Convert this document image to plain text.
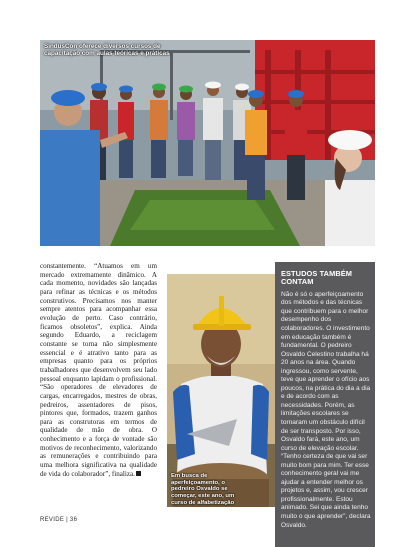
SindusCon oferece diversos cursos de capacitação com aulas teóricas e práticas

constantemente. “Atuamos em um mercado extremamente dinâmico. A cada momento, novidades são lançadas para refinar as técnicas e os métodos construtivos. Precisamos nos manter sempre atentos para acompanhar essa evolução de perto. Caso contrário, ficamos obsoletos”, explica. Ainda segundo Eduardo, a reciclagem constante se torna não simplesmente essencial e é atrativo tanto para as empresas quanto para os próprios trabalhadores que desenvolvem seu lado pessoal enquanto lapidam o profissional. “São operadores de elevadores de cargas, encarregados, mestres de obras, pedreiros, assentadores de pisos, pintores que, formados, trazem ganhos para as construtoras em termos de qualidade de mão de obra. O conhecimento e a força de vontade são motivos de reconhecimento, valorizando as remunerações e contribuindo para uma melhora significativa na qualidade de vida do colaborador”, finaliza.	Em busca de aperfeiçoamento, o pedreiro Osvaldo se começar, este ano, um curso de alfabetização
ESTUDOS TAMBÉM CONTAM

Não é só o aperfeiçoamento dos métodos e das técnicas que contribuem para o melhor desempenho dos colaboradores. O investimento em educação também é fundamental. O pedreiro Osvaldo Celestino trabalha há 20 anos na área. Quando ingressou, como servente, teve que aprender o ofício aos poucos, na prática do dia a dia e de acordo com as necessidades. Porém, as limitações escolares se tornaram um obstáculo difícil de ser transposto. Por isso, Osvaldo fará, este ano, um curso de elevação escolar. “Tenho certeza de que vai ser muito bom para mim. Ter esse conhecimento geral vai me ajudar a entender melhor os projetos e, assim, vou crescer profissionalmente. Estou animado. Sei que ainda tenho muito o que aprender”, declara Osvaldo.

REVIDE | 36
